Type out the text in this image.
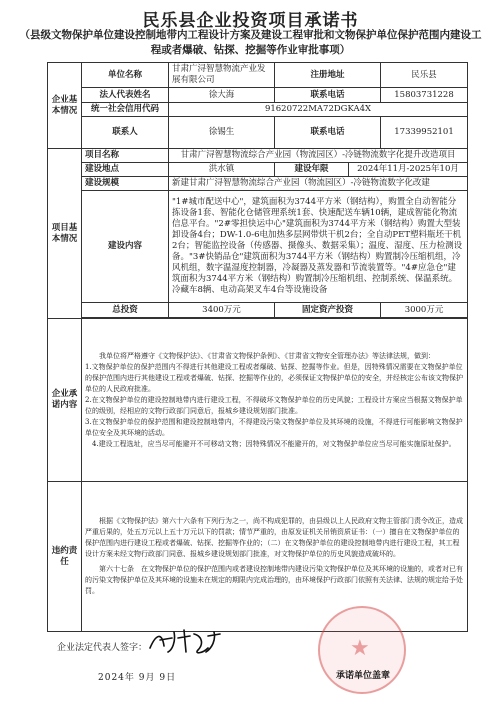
民乐县企业投资项目承诺书
（县级文物保护单位建设控制地带内工程设计方案及建设工程审批和文物保护单位保护范围内建设工程或者爆破、钻探、挖掘等作业审批事项）
企业基本情况	单位名称	甘肃广浔智慧物流产业发展有限公司	注册地址		民乐县
	法人代表姓名	徐大海	联系电话		15803731228
	统一社会信用代码	91620722MA72DGKA4X			
	联系人	徐锡生	联系电话		17339952101
项目基本情况	项目名称	甘肃广浔智慧物流综合产业园（物流园区）-冷链物流数字化提升改造项目			
	建设地点	洪水镇	建设年限	2024年11月-2025年10月	
	建设规模	新建甘肃广浔智慧物流综合产业园（物流园区）-冷链物流数字化改建			
	建设内容	"1#城市配送中心"，建筑面积为3744平方米（钢结构），购置全自动智能分拣设备1套、智能化仓储管理系统1套、快速配送车辆10辆，建成智能化物流信息平台。"2#零担快运中心"建筑面积为3744平方米（钢结构）购置大型装卸设备4台；DW-1.0-6电加热多层网带烘干机2台；全自动PET塑料瓶坯干机2台；智能监控设备（传感器、摄像头、数据采集）；温度、湿度、压力检测设备。"3#快销品仓"建筑面积为3744平方米（钢结构）购置制冷压缩机组，冷风机组，数字温湿度控制器，冷凝器及蒸发器和节流装置等。"4#应急仓"建筑面积为3744平方米（钢结构）购置制冷压缩机组、控制系统、保温系统。冷藏车8辆、电动高架叉车4台等设施设备			
	总投资	3400万元	固定资产投资		3000万元

企业承诺内容	我单位将严格遵守《文物保护法》、《甘肃省文物保护条例》、《甘肃省文物安全管理办法》等法律法规，做到：

1.文物保护单位的保护范围内不得进行其他建设工程或者爆破、钻探、挖掘等作业。但是，因特殊情况需要在文物保护单位的保护范围内进行其他建设工程或者爆破、钻探、挖掘等作业的，必须保证文物保护单位的安全，并经核定公布该文物保护单位的人民政府批准。

2.在文物保护单位的建设控制地带内进行建设工程，不得破坏文物保护单位的历史风貌；工程设计方案应当根据文物保护单位的级别，经相应的文物行政部门同意后，报城乡建设规划部门批准。

3.在文物保护单位的保护范围和建设控制地带内，不得建设污染文物保护单位及其环境的设施，不得进行可能影响文物保护单位安全及其环境的活动。

4.建设工程选址，应当尽可能避开不可移动文物；因特殊情况不能避开的，对文物保护单位应当尽可能实施原址保护。				

违约责任	根据《文物保护法》第六十六条有下列行为之一，尚不构成犯罪的，由县级以上人民政府文物主管部门责令改正，造成严重后果的，处五万元以上五十万元以下的罚款；情节严重的，由原发证机关吊销资质证书：（一）擅自在文物保护单位的保护范围内进行建设工程或者爆破、钻探、挖掘等作业的；（二）在文物保护单位的建设控制地带内进行建设工程，其工程设计方案未经文物行政部门同意、报城乡建设规划部门批准，对文物保护单位的历史风貌造成破坏的。

第六十七条　在文物保护单位的保护范围内或者建设控制地带内建设污染文物保护单位及其环境的设施的，或者对已有的污染文物保护单位及其环境的设施未在规定的期限内完成治理的，由环境保护行政部门依照有关法律、法规的规定给予处罚。				

企业法定代表人签字：
2024年 9月 9日
★
承诺单位盖章
